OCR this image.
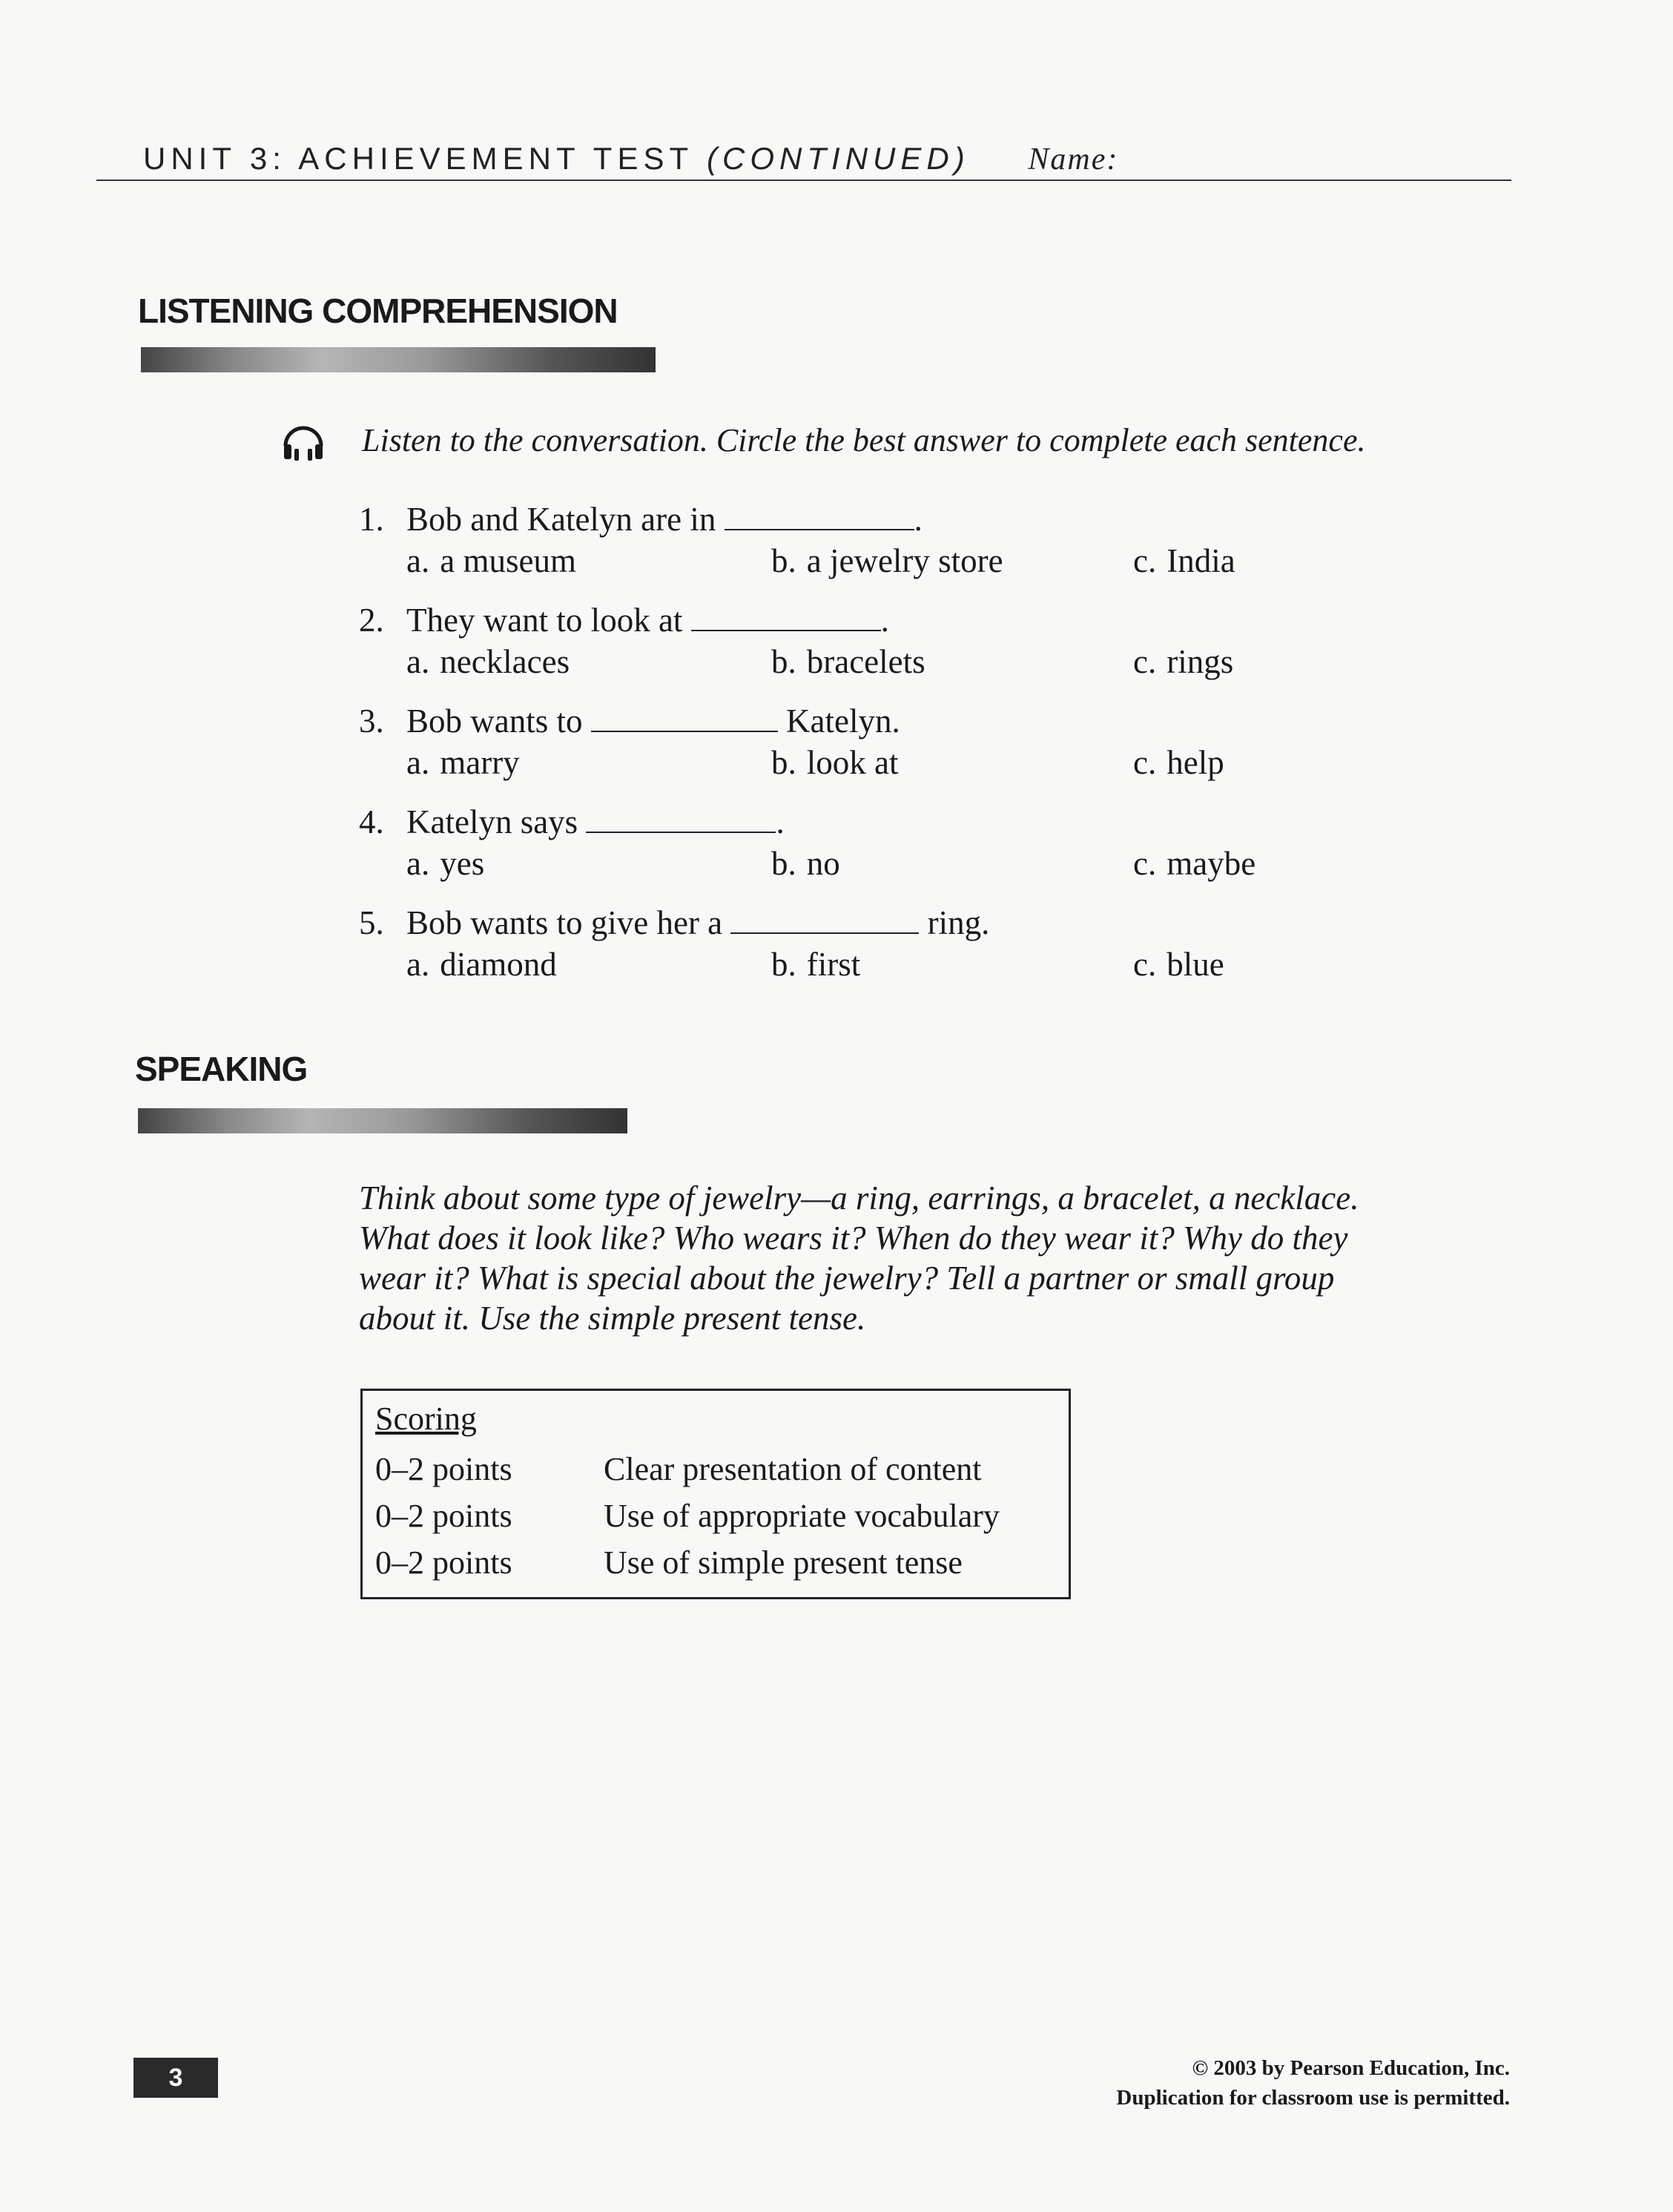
UNIT 3: ACHIEVEMENT TEST (CONTINUED) Name:
LISTENING COMPREHENSION
Listen to the conversation. Circle the best answer to complete each sentence.
1. Bob and Katelyn are in	.
a. a museum	b. a jewelry store	c. India
2. They want to look at	.
a. necklaces	b. bracelets	c. rings
3. Bob wants to	Katelyn.
a. marry	b. look at	c. help
4. Katelyn says	.
a. yes	b. no	c. maybe
5. Bob wants to give her a	ring.
a. diamond	b. first	c. blue
SPEAKING
Think about some type of jewelry—a ring, earrings, a bracelet, a necklace.
What does it look like? Who wears it? When do they wear it? Why do they
wear it? What is special about the jewelry? Tell a partner or small group
about it. Use the simple present tense.
Scoring
0–2 points	Clear presentation of content
0–2 points	Use of appropriate vocabulary
0–2 points	Use of simple present tense
3	© 2003 by Pearson Education, Inc.
Duplication for classroom use is permitted.
